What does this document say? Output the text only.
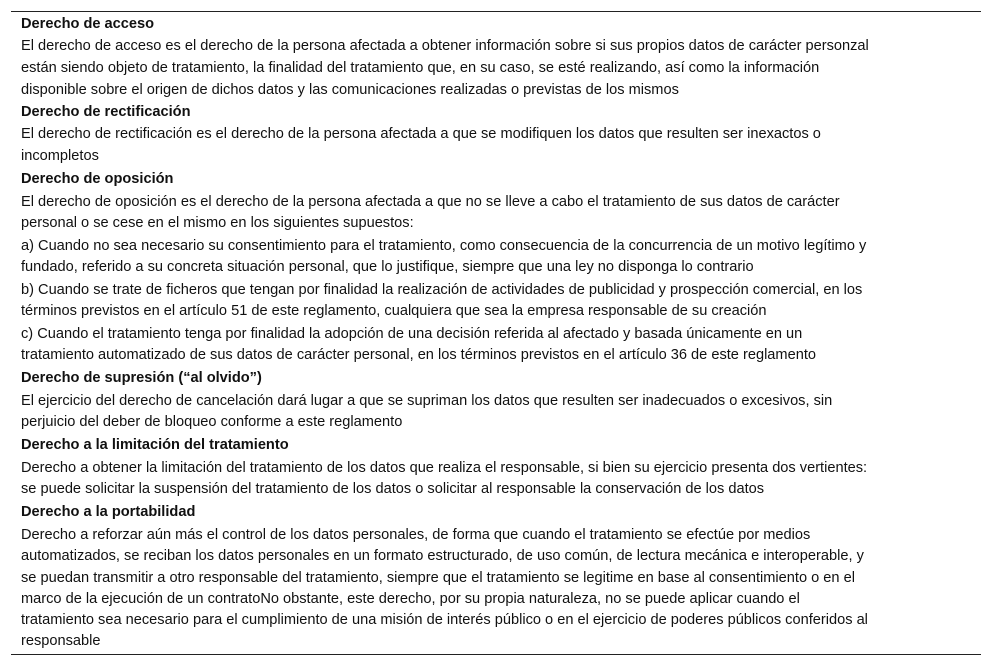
Derecho de acceso
El derecho de acceso es el derecho de la persona afectada a obtener información sobre si sus propios datos de carácter personzal
están siendo objeto de tratamiento, la finalidad del tratamiento que, en su caso, se esté realizando, así como la información
disponible sobre el origen de dichos datos y las comunicaciones realizadas o previstas de los mismos
Derecho de rectificación
El derecho de rectificación es el derecho de la persona afectada a que se modifiquen los datos que resulten ser inexactos o
incompletos
Derecho de oposición
El derecho de oposición es el derecho de la persona afectada a que no se lleve a cabo el tratamiento de sus datos de carácter
personal o se cese en el mismo en los siguientes supuestos:
a) Cuando no sea necesario su consentimiento para el tratamiento, como consecuencia de la concurrencia de un motivo legítimo y
fundado, referido a su concreta situación personal, que lo justifique, siempre que una ley no disponga lo contrario
b) Cuando se trate de ficheros que tengan por finalidad la realización de actividades de publicidad y prospección comercial, en los
términos previstos en el artículo 51 de este reglamento, cualquiera que sea la empresa responsable de su creación
c) Cuando el tratamiento tenga por finalidad la adopción de una decisión referida al afectado y basada únicamente en un
tratamiento automatizado de sus datos de carácter personal, en los términos previstos en el artículo 36 de este reglamento
Derecho de supresión (“al olvido”)
El ejercicio del derecho de cancelación dará lugar a que se supriman los datos que resulten ser inadecuados o excesivos, sin
perjuicio del deber de bloqueo conforme a este reglamento
Derecho a la limitación del tratamiento
Derecho a obtener la limitación del tratamiento de los datos que realiza el responsable, si bien su ejercicio presenta dos vertientes:
se puede solicitar la suspensión del tratamiento de los datos o solicitar al responsable la conservación de los datos
Derecho a la portabilidad
Derecho a reforzar aún más el control de los datos personales, de forma que cuando el tratamiento se efectúe por medios
automatizados, se reciban los datos personales en un formato estructurado, de uso común, de lectura mecánica e interoperable, y
se puedan transmitir a otro responsable del tratamiento, siempre que el tratamiento se legitime en base al consentimiento o en el
marco de la ejecución de un contratoNo obstante, este derecho, por su propia naturaleza, no se puede aplicar cuando el
tratamiento sea necesario para el cumplimiento de una misión de interés público o en el ejercicio de poderes públicos conferidos al
responsable
